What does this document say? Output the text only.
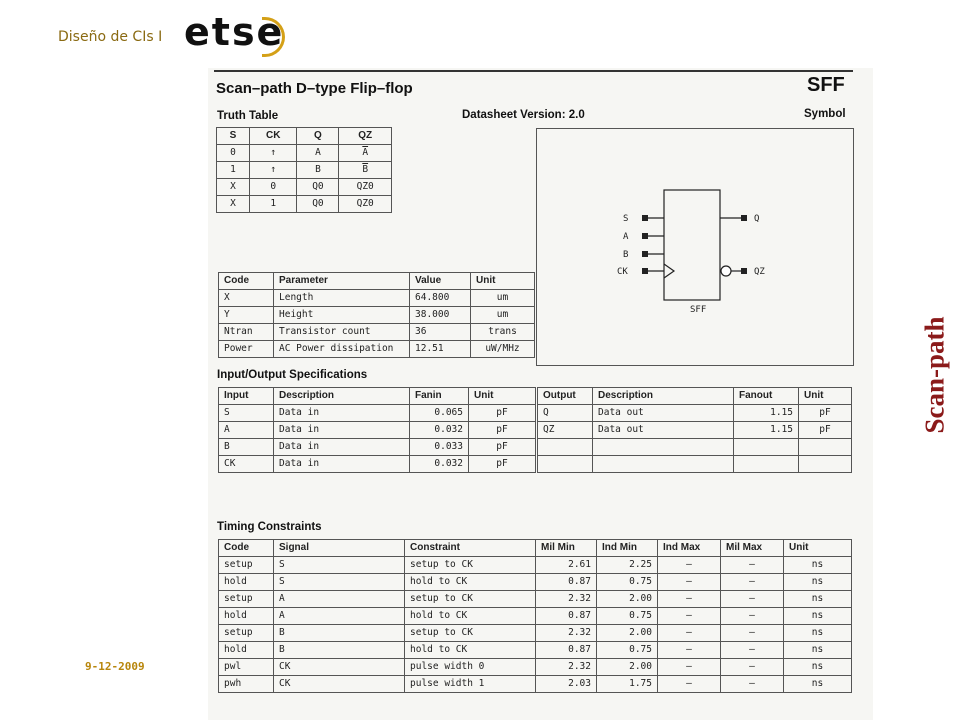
Diseño de CIs I etse
9-12-2009
Scan-path
Scan–path D–type Flip–flop	SFF
Truth Table	Datasheet Version: 2.0	Symbol
S	CK	Q	QZ
0	↑	A	$\overline{A}$
1	↑	B	$\overline{B}$
X	0	Q0	QZ0
X	1	Q0	QZ0
S
A
B
CK
Q
QZ
SFF
Code	Parameter	Value	Unit
X	Length	64.800	um
Y	Height	38.000	um
Ntran	Transistor count	36	trans
Power	AC Power dissipation	12.51	uW/MHz
Input/Output Specifications
Input	Description	Fanin	Unit
S	Data in	0.065	pF
A	Data in	0.032	pF
B	Data in	0.033	pF
CK	Data in	0.032	pF
Output	Description	Fanout	Unit
Q	Data out	1.15	pF
QZ	Data out	1.15	pF

Timing Constraints
Code	Signal	Constraint	Mil Min	Ind Min	Ind Max	Mil Max	Unit
setup	S	setup to CK	2.61	2.25	–	–	ns
hold	S	hold to CK	0.87	0.75	–	–	ns
setup	A	setup to CK	2.32	2.00	–	–	ns
hold	A	hold to CK	0.87	0.75	–	–	ns
setup	B	setup to CK	2.32	2.00	–	–	ns
hold	B	hold to CK	0.87	0.75	–	–	ns
pwl	CK	pulse width 0	2.32	2.00	–	–	ns
pwh	CK	pulse width 1	2.03	1.75	–	–	ns
